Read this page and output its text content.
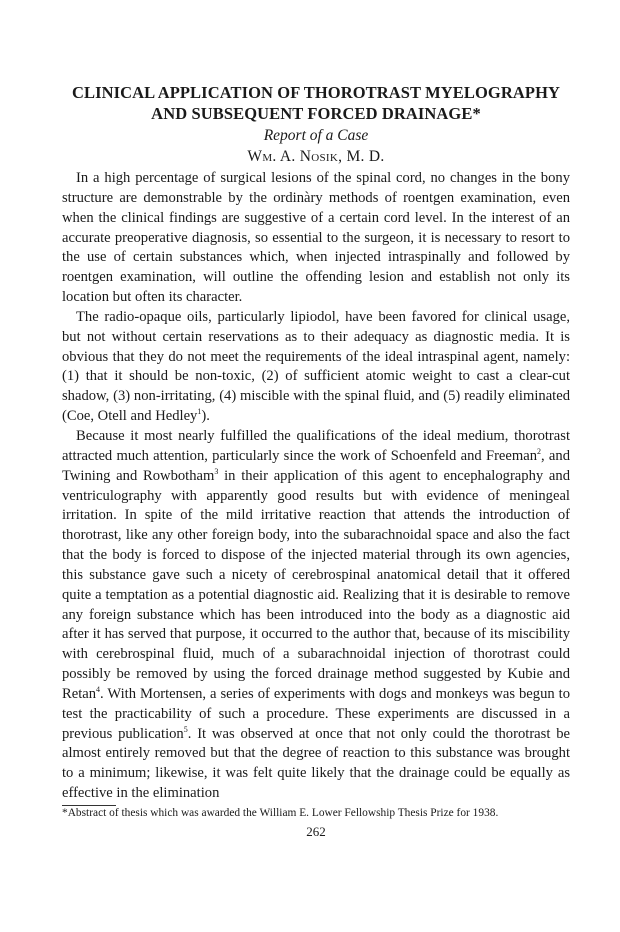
CLINICAL APPLICATION OF THOROTRAST MYELOGRAPHY
AND SUBSEQUENT FORCED DRAINAGE*

Report of a Case

Wm. A. Nosik, M. D.

In a high percentage of surgical lesions of the spinal cord, no changes in the bony structure are demonstrable by the ordinàry methods of roentgen examination, even when the clinical findings are suggestive of a certain cord level. In the interest of an accurate preoperative diagnosis, so essential to the surgeon, it is necessary to resort to the use of certain substances which, when injected intraspinally and followed by roentgen examination, will outline the offending lesion and establish not only its location but often its character.

The radio-opaque oils, particularly lipiodol, have been favored for clinical usage, but not without certain reservations as to their adequacy as diagnostic media. It is obvious that they do not meet the requirements of the ideal intraspinal agent, namely: (1) that it should be non-toxic, (2) of sufficient atomic weight to cast a clear-cut shadow, (3) non-irritating, (4) miscible with the spinal fluid, and (5) readily eliminated (Coe, Otell and Hedley$^1$).

Because it most nearly fulfilled the qualifications of the ideal medium, thorotrast attracted much attention, particularly since the work of Schoenfeld and Freeman$^2$, and Twining and Rowbotham$^3$ in their application of this agent to encephalography and ventriculography with apparently good results but with evidence of meningeal irritation. In spite of the mild irritative reaction that attends the introduction of thorotrast, like any other foreign body, into the subarachnoidal space and also the fact that the body is forced to dispose of the injected material through its own agencies, this substance gave such a nicety of cerebrospinal anatomical detail that it offered quite a temptation as a potential diagnostic aid. Realizing that it is desirable to remove any foreign substance which has been introduced into the body as a diagnostic aid after it has served that purpose, it occurred to the author that, because of its miscibility with cerebrospinal fluid, much of a subarachnoidal injection of thorotrast could possibly be removed by using the forced drainage method suggested by Kubie and Retan$^4$. With Mortensen, a series of experiments with dogs and monkeys was begun to test the practicability of such a procedure. These experiments are discussed in a previous publication$^5$. It was observed at once that not only could the thorotrast be almost entirely removed but that the degree of reaction to this substance was brought to a minimum; likewise, it was felt quite likely that the drainage could be equally as effective in the elimination

*Abstract of thesis which was awarded the William E. Lower Fellowship Thesis Prize for 1938.

262
